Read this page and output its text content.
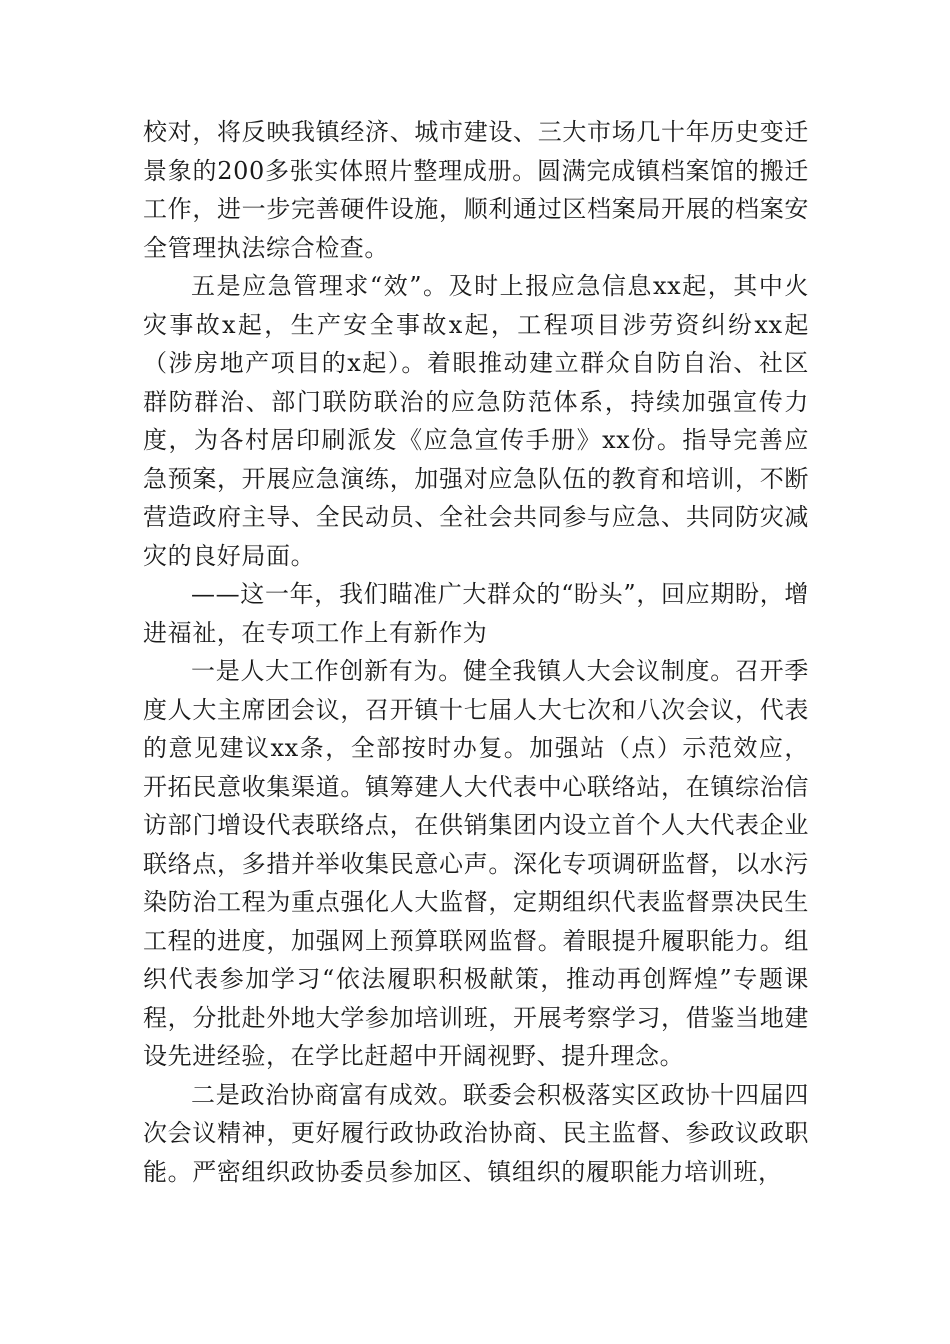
校对，将反映我镇经济、城市建设、三大市场几十年历史变迁景象的200多张实体照片整理成册。圆满完成镇档案馆的搬迁工作，进一步完善硬件设施，顺利通过区档案局开展的档案安全管理执法综合检查。

五是应急管理求“效”。及时上报应急信息xx起，其中火灾事故x起，生产安全事故x起，工程项目涉劳资纠纷xx起（涉房地产项目的x起）。着眼推动建立群众自防自治、社区群防群治、部门联防联治的应急防范体系，持续加强宣传力度，为各村居印刷派发《应急宣传手册》xx份。指导完善应急预案，开展应急演练，加强对应急队伍的教育和培训，不断营造政府主导、全民动员、全社会共同参与应急、共同防灾减灾的良好局面。

——这一年，我们瞄准广大群众的“盼头”，回应期盼，增进福祉，在专项工作上有新作为

一是人大工作创新有为。健全我镇人大会议制度。召开季度人大主席团会议，召开镇十七届人大七次和八次会议，代表的意见建议xx条，全部按时办复。加强站（点）示范效应，开拓民意收集渠道。镇筹建人大代表中心联络站，在镇综治信访部门增设代表联络点，在供销集团内设立首个人大代表企业联络点，多措并举收集民意心声。深化专项调研监督，以水污染防治工程为重点强化人大监督，定期组织代表监督票决民生工程的进度，加强网上预算联网监督。着眼提升履职能力。组织代表参加学习“依法履职积极献策，推动再创辉煌”专题课程，分批赴外地大学参加培训班，开展考察学习，借鉴当地建设先进经验，在学比赶超中开阔视野、提升理念。

二是政治协商富有成效。联委会积极落实区政协十四届四次会议精神，更好履行政协政治协商、民主监督、参政议政职能。严密组织政协委员参加区、镇组织的履职能力培训班，
